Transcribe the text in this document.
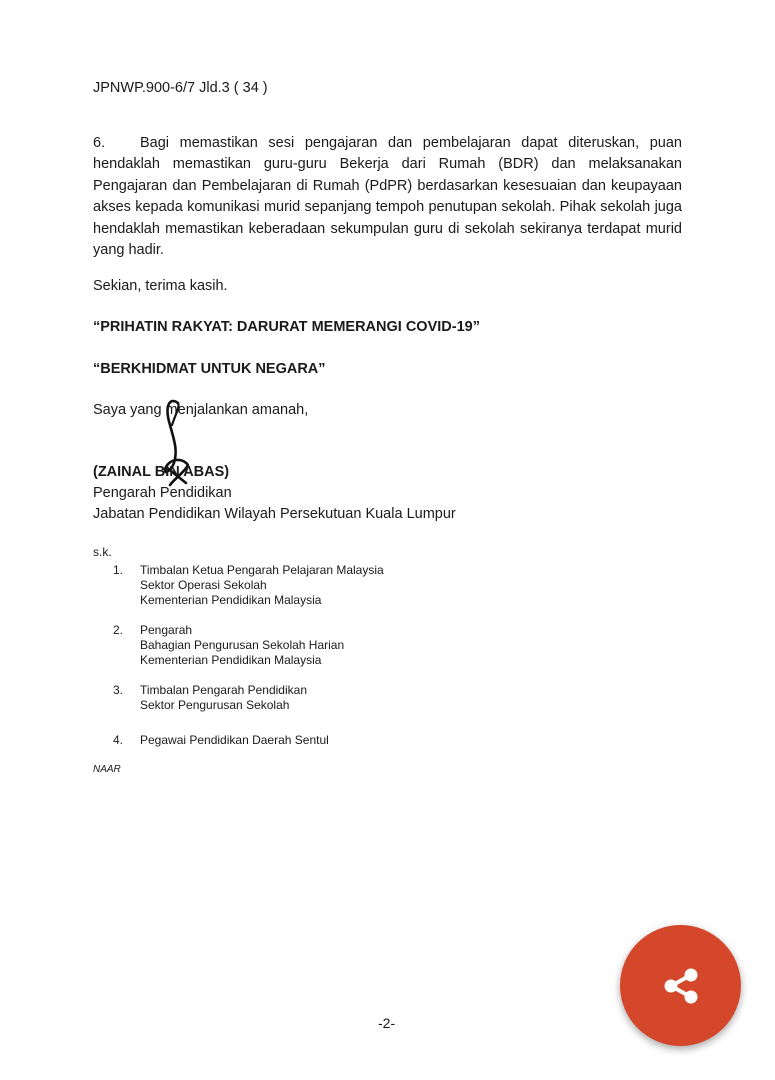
JPNWP.900-6/7 Jld.3 ( 34 )
6. Bagi memastikan sesi pengajaran dan pembelajaran dapat diteruskan, puan hendaklah memastikan guru-guru Bekerja dari Rumah (BDR) dan melaksanakan Pengajaran dan Pembelajaran di Rumah (PdPR) berdasarkan kesesuaian dan keupayaan akses kepada komunikasi murid sepanjang tempoh penutupan sekolah. Pihak sekolah juga hendaklah memastikan keberadaan sekumpulan guru di sekolah sekiranya terdapat murid yang hadir.
Sekian, terima kasih.
“PRIHATIN RAKYAT: DARURAT MEMERANGI COVID-19”
“BERKHIDMAT UNTUK NEGARA”
Saya yang menjalankan amanah,
(ZAINAL BIN ABAS)
Pengarah Pendidikan
Jabatan Pendidikan Wilayah Persekutuan Kuala Lumpur
s.k.
1.	Timbalan Ketua Pengarah Pelajaran Malaysia
Sektor Operasi Sekolah
Kementerian Pendidikan Malaysia
2.	Pengarah
Bahagian Pengurusan Sekolah Harian
Kementerian Pendidikan Malaysia
3.	Timbalan Pengarah Pendidikan
Sektor Pengurusan Sekolah
4.	Pegawai Pendidikan Daerah Sentul
NAAR
-2-
